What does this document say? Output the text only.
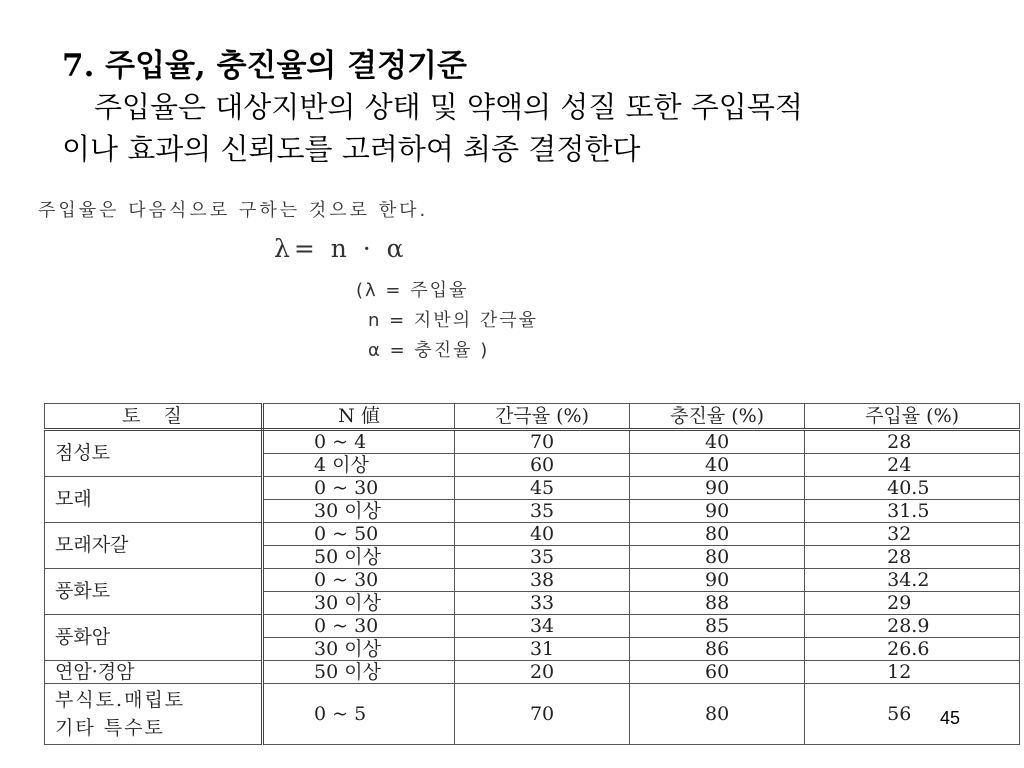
7. 주입율, 충진율의 결정기준
주입율은 대상지반의 상태 및 약액의 성질 또한 주입목적
이나 효과의 신뢰도를 고려하여 최종 결정한다
주입율은 다음식으로 구하는 것으로 한다.
λ= n · α
(λ = 주입율
n = 지반의 간극율
α = 충진율 )
토　질	N 値	간극율 (%)	충진율 (%)	주입율 (%)
점성토	0 ~ 4	70	40	28
	4 이상	60	40	24
모래	0 ~ 30	45	90	40.5
	30 이상	35	90	31.5
모래자갈	0 ~ 50	40	80	32
	50 이상	35	80	28
풍화토	0 ~ 30	38	90	34.2
	30 이상	33	88	29
풍화암	0 ~ 30	34	85	28.9
	30 이상	31	86	26.6
연암·경암	50 이상	20	60	12
부식토.매립토
기타 특수토	0 ~ 5	70	80	56 45
